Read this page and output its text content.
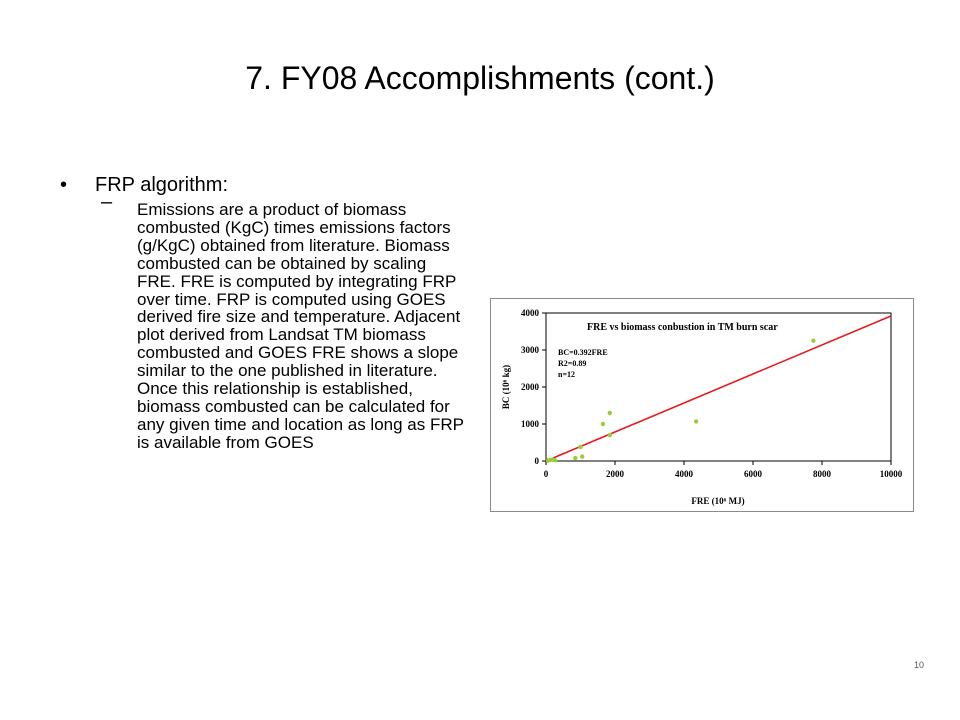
7. FY08 Accomplishments (cont.)
•	FRP algorithm:
–	Emissions are a product of biomass combusted (KgC) times emissions factors (g/KgC) obtained from literature. Biomass combusted can be obtained by scaling FRE. FRE is computed by integrating FRP over time. FRP is computed using GOES derived fire size and temperature. Adjacent plot derived from Landsat TM biomass combusted and GOES FRE shows a slope similar to the one published in literature. Once this relationship is established, biomass combusted can be calculated for any given time and location as long as FRP is available from GOES
FRE vs biomass conbustion in TM burn scar
BC=0.392FRE
R2=0.89
n=12
FRE (10⁶ MJ)
BC (10⁶ kg)
0	2000	4000	6000	8000	10000
0
1000
2000
3000
4000
10
